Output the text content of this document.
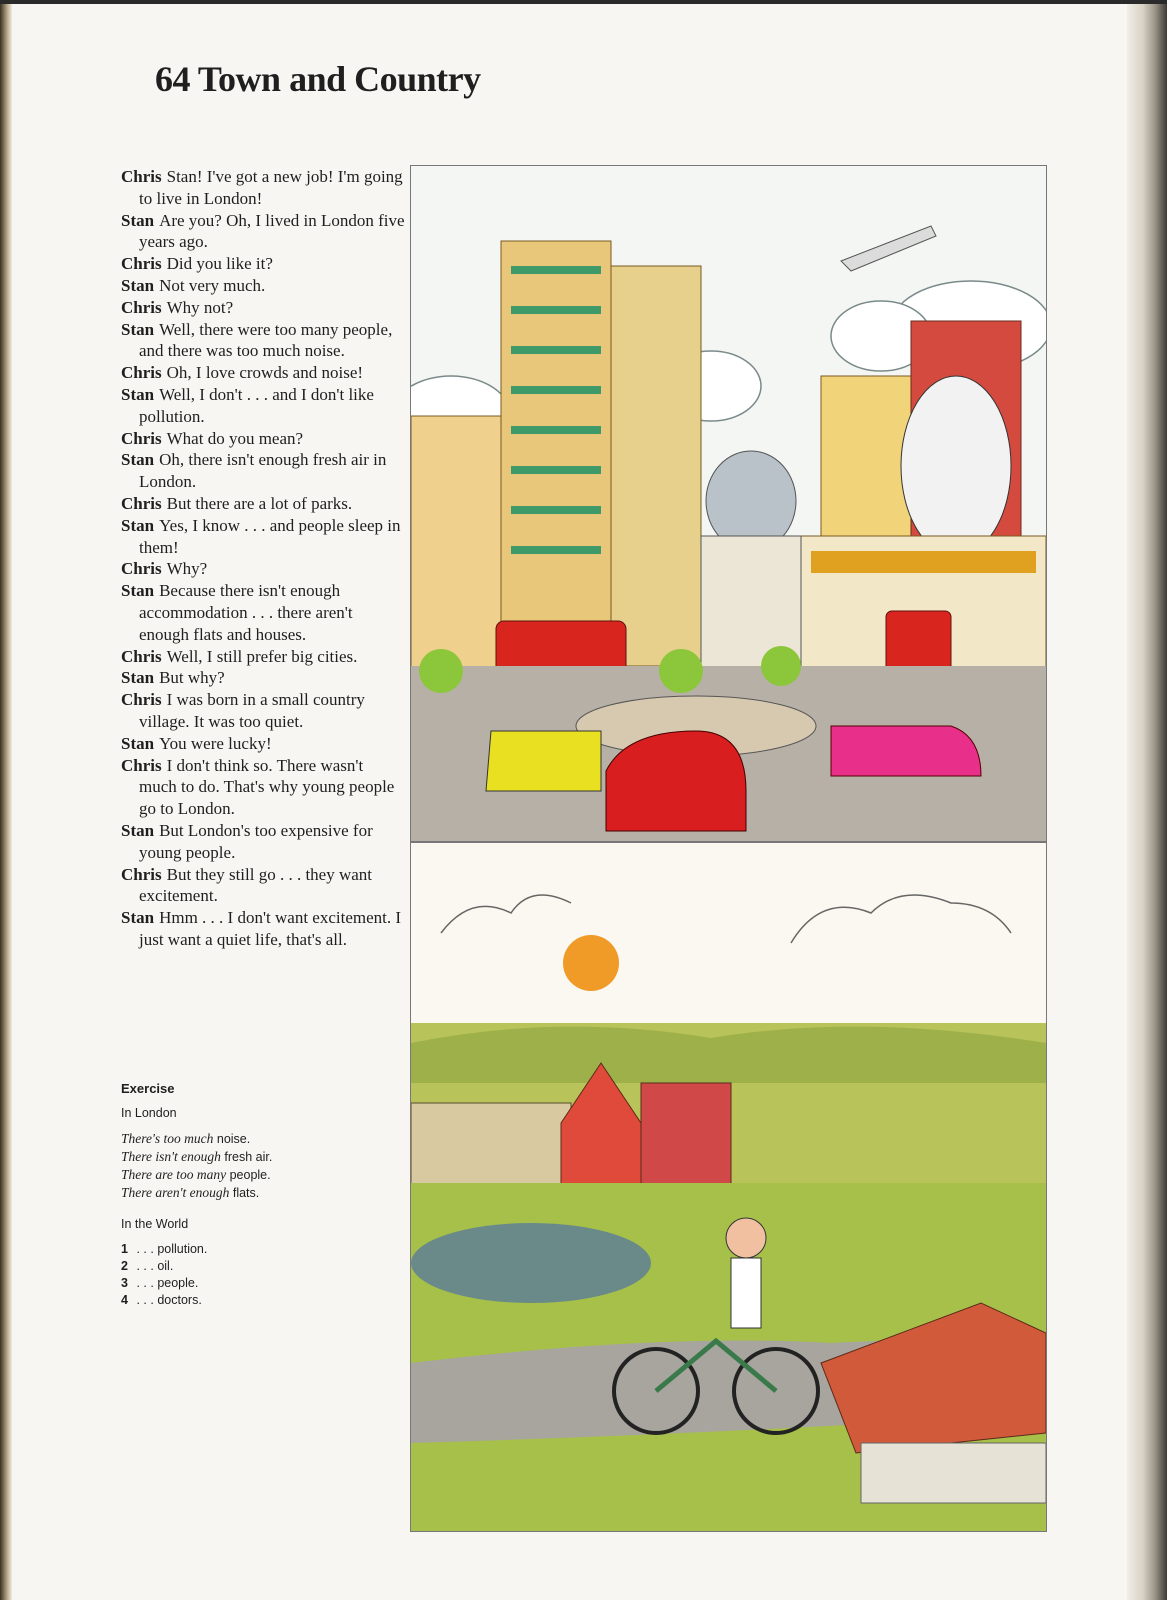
64 Town and Country
Chris Stan! I've got a new job! I'm going to live in London!
Stan Are you? Oh, I lived in London five years ago.
Chris Did you like it?
Stan Not very much.
Chris Why not?
Stan Well, there were too many people, and there was too much noise.
Chris Oh, I love crowds and noise!
Stan Well, I don't . . . and I don't like pollution.
Chris What do you mean?
Stan Oh, there isn't enough fresh air in London.
Chris But there are a lot of parks.
Stan Yes, I know . . . and people sleep in them!
Chris Why?
Stan Because there isn't enough accommodation . . . there aren't enough flats and houses.
Chris Well, I still prefer big cities.
Stan But why?
Chris I was born in a small country village. It was too quiet.
Stan You were lucky!
Chris I don't think so. There wasn't much to do. That's why young people go to London.
Stan But London's too expensive for young people.
Chris But they still go . . . they want excitement.
Stan Hmm . . . I don't want excitement. I just want a quiet life, that's all.
Exercise
In London
There's too much noise.
There isn't enough fresh air.
There are too many people.
There aren't enough flats.
In the World
1 . . . pollution.
2 . . . oil.
3 . . . people.
4 . . . doctors.
